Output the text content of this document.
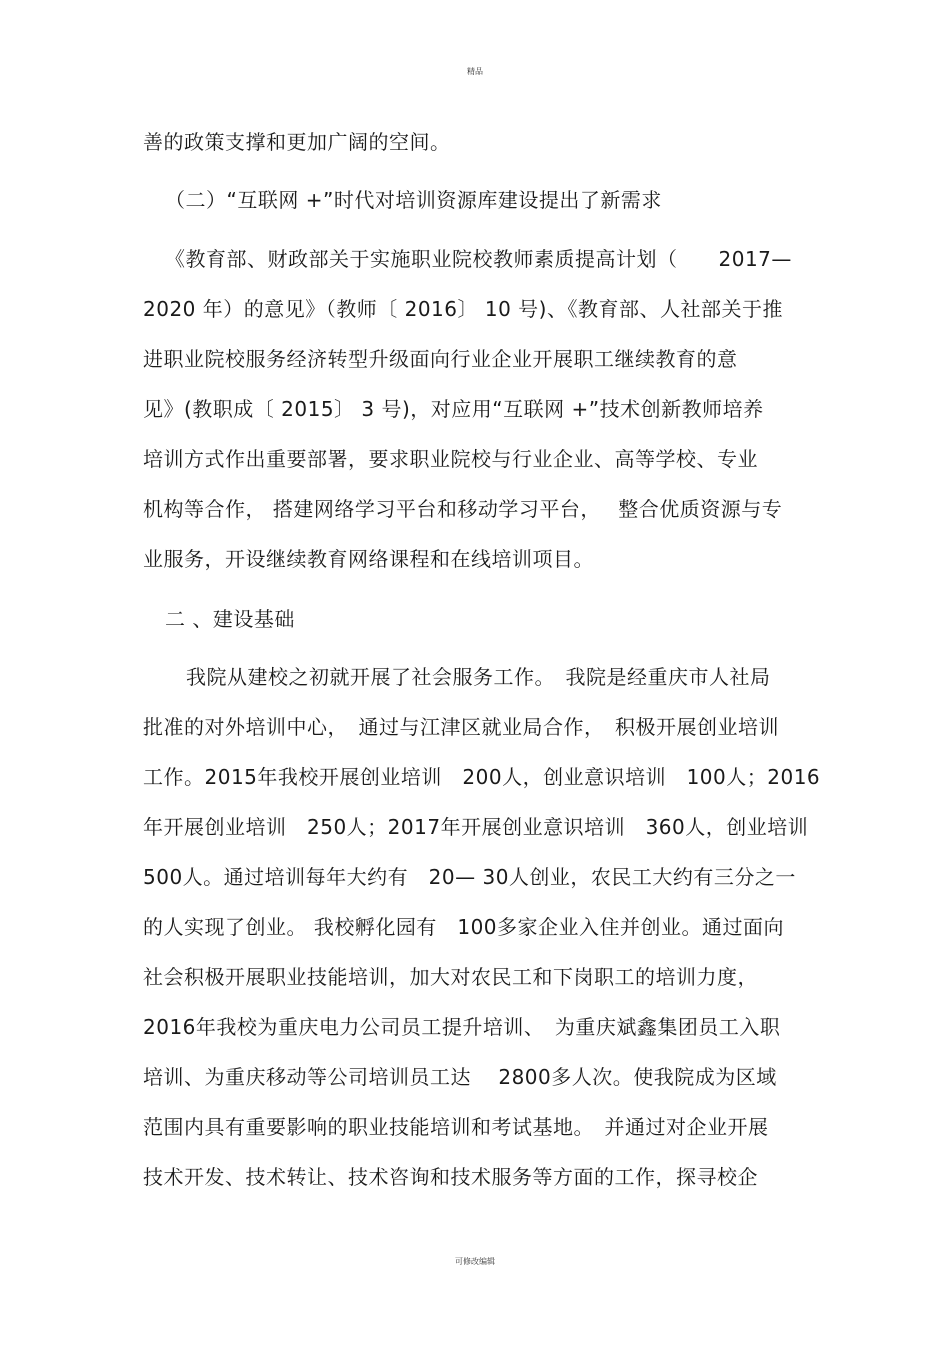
精品
善的政策支撑和更加广阔的空间。
（二）“互联网 +”时代对培训资源库建设提出了新需求
《教育部、财政部关于实施职业院校教师素质提高计划（　　2017—
2020 年）的意见》（教师〔 2016〕 10 号)、《教育部、人社部关于推
进职业院校服务经济转型升级面向行业企业开展职工继续教育的意
见》(教职成〔 2015〕 3 号)，对应用“互联网 +”技术创新教师培养
培训方式作出重要部署，要求职业院校与行业企业、高等学校、专业
机构等合作， 搭建网络学习平台和移动学习平台，　 整合优质资源与专
业服务，开设继续教育网络课程和在线培训项目。
二 、建设基础
我院从建校之初就开展了社会服务工作。　我院是经重庆市人社局
批准的对外培训中心，　通过与江津区就业局合作，　积极开展创业培训
工作。2015年我校开展创业培训　200人，创业意识培训　100人；2016
年开展创业培训　250人；2017年开展创业意识培训　360人，创业培训
500人。通过培训每年大约有　20— 30人创业，农民工大约有三分之一
的人实现了创业。 我校孵化园有　100多家企业入住并创业。通过面向
社会积极开展职业技能培训，加大对农民工和下岗职工的培训力度，
2016年我校为重庆电力公司员工提升培训、　为重庆斌鑫集团员工入职
培训、为重庆移动等公司培训员工达　 2800多人次。使我院成为区域
范围内具有重要影响的职业技能培训和考试基地。　并通过对企业开展
技术开发、技术转让、技术咨询和技术服务等方面的工作，探寻校企
可修改编辑
